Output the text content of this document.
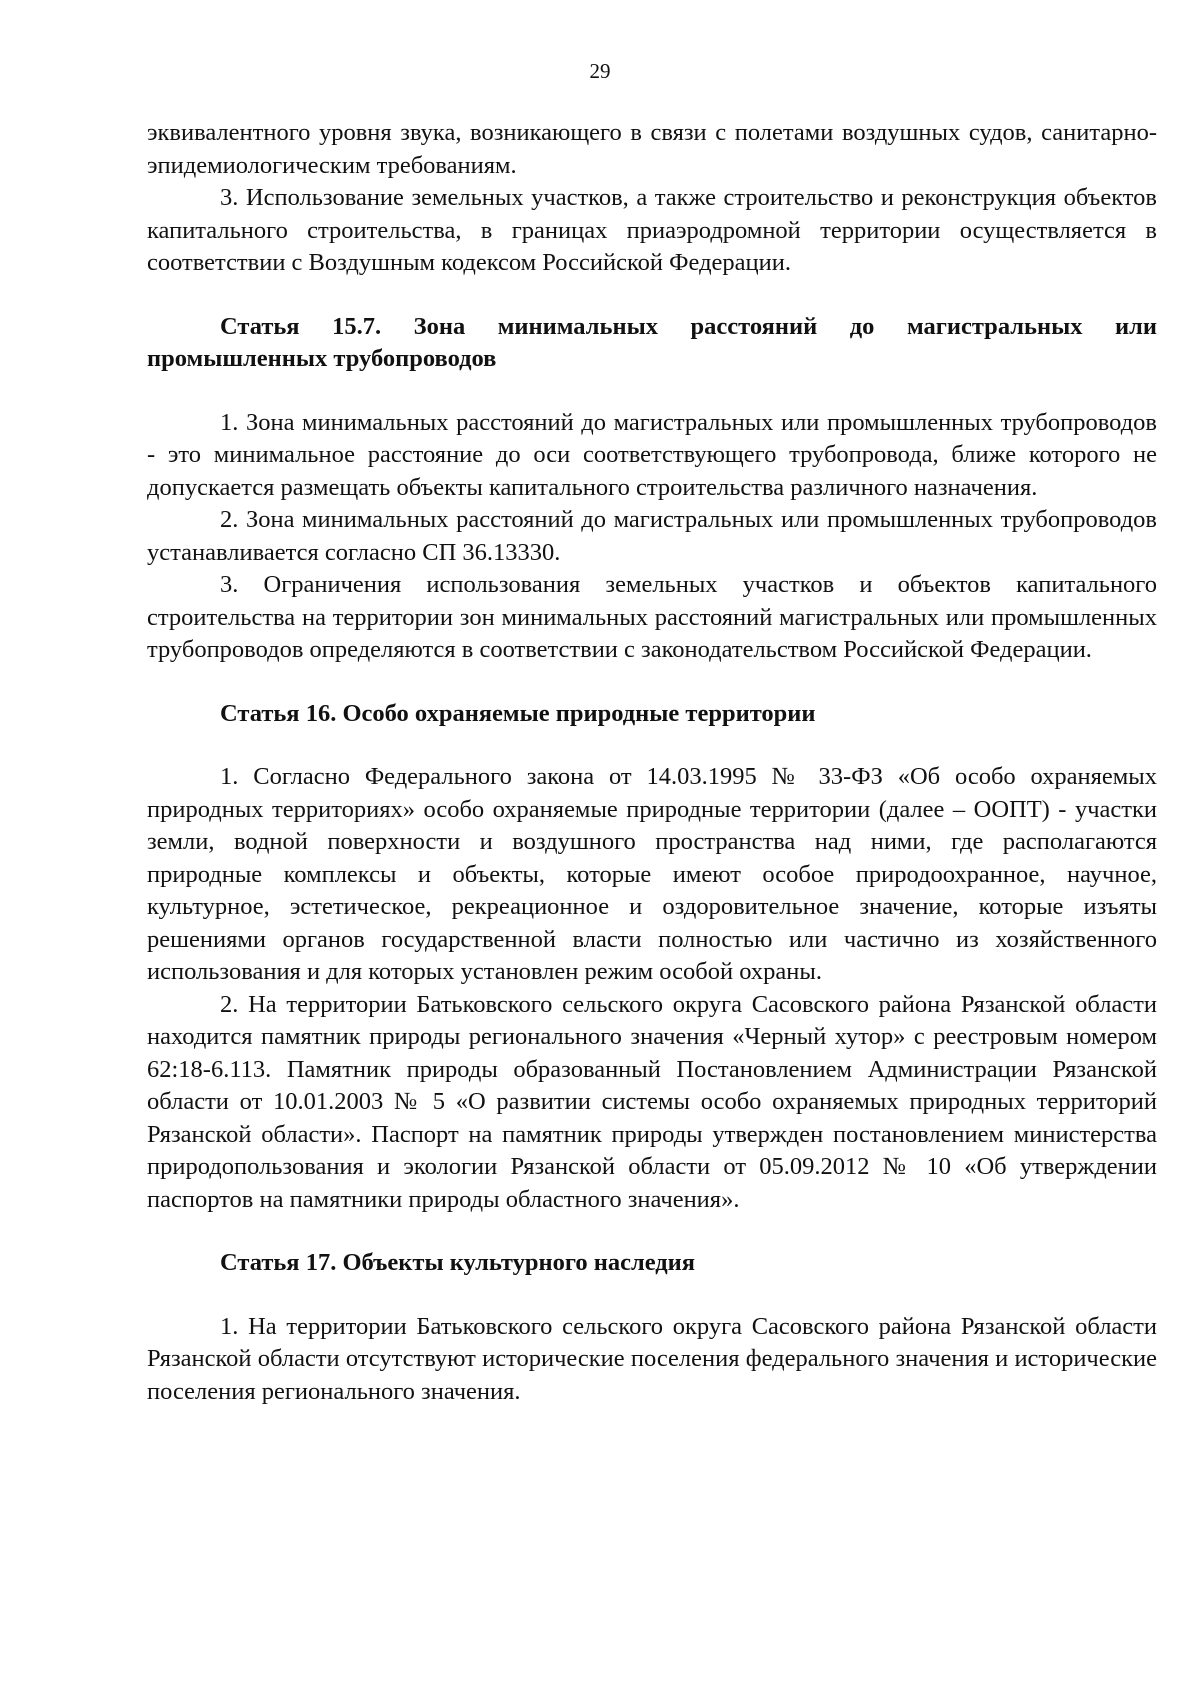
29

эквивалентного уровня звука, возникающего в связи с полетами воздушных судов, санитарно-эпидемиологическим требованиям.

3. Использование земельных участков, а также строительство и реконструкция объектов капитального строительства, в границах приаэродромной территории осуществляется в соответствии с Воздушным кодексом Российской Федерации.

Статья 15.7. Зона минимальных расстояний до магистральных или промышленных трубопроводов

1. Зона минимальных расстояний до магистральных или промышленных трубопроводов - это минимальное расстояние до оси соответствующего трубопровода, ближе которого не допускается размещать объекты капитального строительства различного назначения.

2. Зона минимальных расстояний до магистральных или промышленных трубопроводов устанавливается согласно СП 36.13330.

3. Ограничения использования земельных участков и объектов капитального строительства на территории зон минимальных расстояний магистральных или промышленных трубопроводов определяются в соответствии с законодательством Российской Федерации.

Статья 16. Особо охраняемые природные территории

1. Согласно Федерального закона от 14.03.1995 № 33-ФЗ «Об особо охраняемых природных территориях» особо охраняемые природные территории (далее – ООПТ) - участки земли, водной поверхности и воздушного пространства над ними, где располагаются природные комплексы и объекты, которые имеют особое природоохранное, научное, культурное, эстетическое, рекреационное и оздоровительное значение, которые изъяты решениями органов государственной власти полностью или частично из хозяйственного использования и для которых установлен режим особой охраны.

2. На территории Батьковского сельского округа Сасовского района Рязанской области находится памятник природы регионального значения «Черный хутор» с реестровым номером 62:18-6.113. Памятник природы образованный Постановлением Администрации Рязанской области от 10.01.2003 № 5 «О развитии системы особо охраняемых природных территорий Рязанской области». Паспорт на памятник природы утвержден постановлением министерства природопользования и экологии Рязанской области от 05.09.2012 № 10 «Об утверждении паспортов на памятники природы областного значения».

Статья 17. Объекты культурного наследия

1. На территории Батьковского сельского округа Сасовского района Рязанской области Рязанской области отсутствуют исторические поселения федерального значения и исторические поселения регионального значения.
